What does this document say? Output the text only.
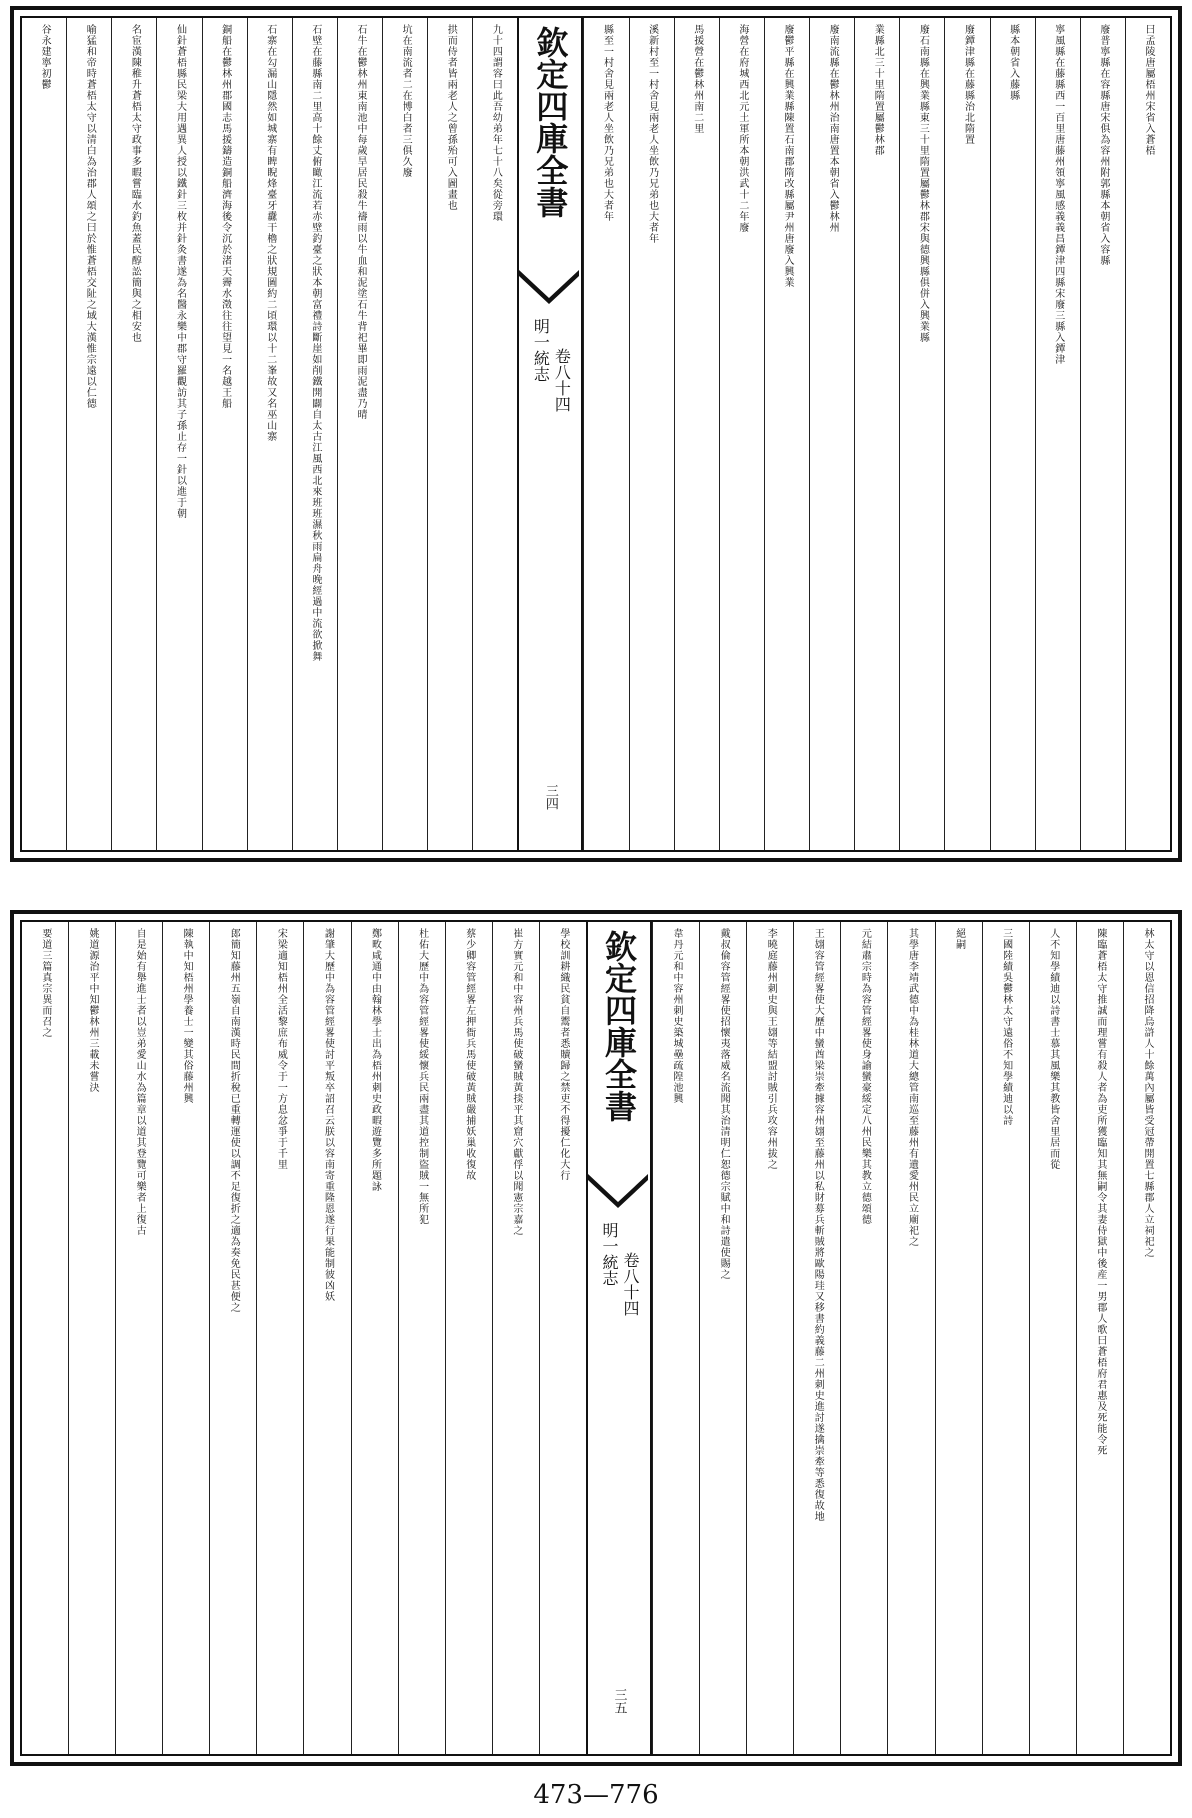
曰孟陵唐屬梧州宋省入蒼梧
廢普寧縣在容縣唐宋俱為容州附郭縣本朝省入容縣
寧風縣在藤縣西一百里唐藤州領寧風感義義昌鐔津四縣宋廢三縣入鐔津
縣本朝省入藤縣
廢鐔津縣在藤縣治北隋置
廢石南縣在興業縣東三十里隋置屬鬱林郡宋與德興縣俱併入興業縣
業縣北三十里隋置屬鬱林郡
廢南流縣在鬱林州治南唐置本朝省入鬱林州
廢鬱平縣在興業縣陳置石南郡隋改縣屬尹州唐廢入興業
海營在府城西北元土軍所本朝洪武十二年廢
馬援營在鬱林州南二里
溪新村至一村舍見兩老人坐飲乃兄弟也大者年
縣至一村舍見兩老人坐飲乃兄弟也大者年
欽定四庫全書
明一統志 卷八十四
三四
九十四謂容曰此吾幼弟年七十八矣從旁環
拱而侍者皆兩老人之曾孫殆可入圖畫也
坑在南流者二在博白者三俱久廢
石牛在鬱林州東南池中每歲旱居民殺牛禱雨以牛血和泥塗石牛背祀畢即雨泥盡乃晴
石壁在藤縣南二里高十餘丈俯瞰江流若赤壁釣臺之狀本朝富禮詩斷崖如削鐵開闢自太古江風西北來班班濕秋雨扁舟晚經過中流欲掀舞
石寨在勾漏山隱然如城寨有睥睨烽臺牙纛干櫓之狀規圖約二頃環以十二峯故又名巫山寨
銅船在鬱林州郡國志馬援鑄造銅船濟海後令沉於渚天霽水澂往往望見一名越王船
仙針蒼梧縣民梁大用遇異人授以鐵針三枚并針灸書遂為名醫永樂中郡守羅觀訪其子孫止存一針以進于朝
名宦漢陳稚升蒼梧太守政事多暇嘗臨水釣魚蓋民醇訟簡與之相安也
喻猛和帝時蒼梧太守以清白為治郡人頌之曰於惟蒼梧交阯之域大漢惟宗遠以仁德
谷永建寧初鬱
林太守以恩信招降烏滸人十餘萬內屬皆受冠帶開置七縣郡人立祠祀之
陳臨蒼梧太守推誠而理嘗有殺人者為吏所獲臨知其無嗣令其妻侍獄中後産一男郡人歌曰蒼梧府君惠及死能令死
人不知學績迪以詩書士慕其風樂其教皆舍里居而從
三國陸績吳鬱林太守遠俗不知學績迪以詩
絕嗣
其學唐李靖武德中為桂林道大總管南巡至藤州有遺愛州民立廟祀之
元結肅宗時為容管經畧使身諭蠻豪綏定八州民樂其教立德頌德
王翃容管經畧使大歷中蠻酋梁崇牽據容州翃至藤州以私財募兵斬賊將歐陽珪又移書約義藤二州刺史進討遂擒崇牽等悉復故地
李曉庭藤州刺史與王翃等結盟討賊引兵攻容州拔之
戴叔倫容管經畧使招懷夷落威名流聞其治清明仁恕德宗賦中和詩遣使賜之
韋丹元和中容州刺史築城壘疏隍池興
欽定四庫全書
明一統志 卷八十四
三五
學校訓耕織民貧自鬻者悉贖歸之禁吏不得擾仁化大行
崔方實元和中容州兵馬使破蠻賊黃掞平其窟穴獻俘以聞憲宗嘉之
蔡少卿容管經畧左押衙兵馬使破黃賊嚴捕妖巢收復故
杜佑大歷中為容管經畧使綏懷兵民兩盡其道控制盜賊一無所犯
鄭畋咸通中由翰林學士出為梧州刺史政暇遊覽多所題詠
謝肇大歷中為容管經畧使討平叛卒詔召云朕以容南寄重隆恩遂行果能制彼凶妖
宋梁適知梧州全活黎庶布威令于一方息忿爭于千里
郎簡知藤州五嶺自南漢時民間折稅已重轉運使以調不足復折之適為奏免民甚便之
陳執中知梧州學養士一變其俗藤州興
自是始有舉進士者以豈弟愛山水為篇章以道其登覽可樂者上復古
姚道源治平中知鬱林州三載未嘗決
要道三篇真宗異而召之
473—776
